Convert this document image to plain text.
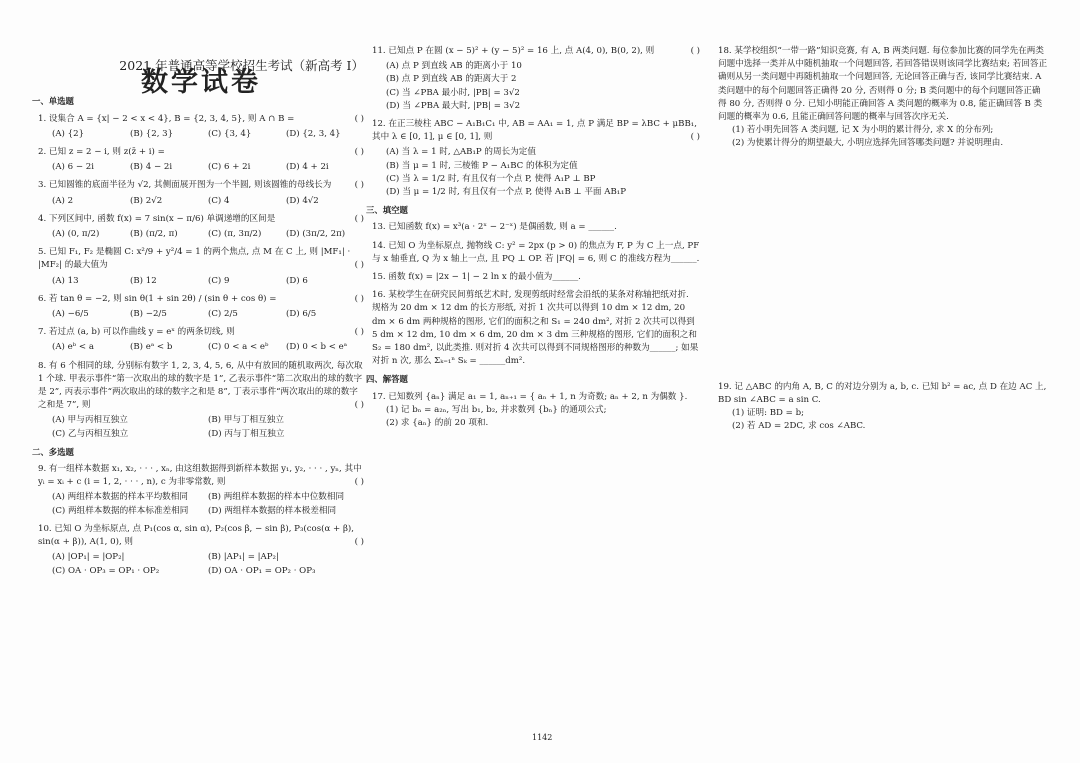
2021 年普通高等学校招生考试（新高考 I）
数学试卷
一、单选题
( )
1. 设集合 A = {x| − 2 < x < 4}, B = {2, 3, 4, 5}, 则 A ∩ B =
(A) {2}	(B) {2, 3}	(C) {3, 4}	(D) {2, 3, 4}
( )
2. 已知 z = 2 − i, 则 z(z̄ + i) =
(A) 6 − 2i	(B) 4 − 2i	(C) 6 + 2i	(D) 4 + 2i
3. 已知圆锥的底面半径为 √2, 其侧面展开图为一个半圆, 则该圆锥的母线长为	( )
(A) 2	(B) 2√2	(C) 4	(D) 4√2
( )
4. 下列区间中, 函数 f(x) = 7 sin(x − π/6) 单调递增的区间是
(A) (0, π/2)	(B) (π/2, π)	(C) (π, 3π/2)	(D) (3π/2, 2π)
5. 已知 F₁, F₂ 是椭圆 C: x²/9 + y²/4 = 1 的两个焦点, 点 M 在 C 上, 则 |MF₁| · |MF₂| 的最大值为	( )
(A) 13	(B) 12	(C) 9	(D) 6
( )
6. 若 tan θ = −2, 则 sin θ(1 + sin 2θ) / (sin θ + cos θ) =
(A) −6/5	(B) −2/5	(C) 2/5	(D) 6/5
( )
7. 若过点 (a, b) 可以作曲线 y = eˣ 的两条切线, 则
(A) eᵇ < a	(B) eᵃ < b	(C) 0 < a < eᵇ	(D) 0 < b < eᵃ
8. 有 6 个相同的球, 分别标有数字 1, 2, 3, 4, 5, 6, 从中有放回的随机取两次, 每次取 1 个球. 甲表示事件“第一次取出的球的数字是 1”, 乙表示事件“第二次取出的球的数字是 2”, 丙表示事件“两次取出的球的数字之和是 8”, 丁表示事件“两次取出的球的数字之和是 7”, 则	( )
(A) 甲与丙相互独立	(B) 甲与丁相互独立
(C) 乙与丙相互独立	(D) 丙与丁相互独立
二、多选题
9. 有一组样本数据 x₁, x₂, · · · , xₙ, 由这组数据得到新样本数据 y₁, y₂, · · · , yₙ, 其中 yᵢ = xᵢ + c (i = 1, 2, · · · , n), c 为非零常数, 则	( )
(A) 两组样本数据的样本平均数相同	(B) 两组样本数据的样本中位数相同
(C) 两组样本数据的样本标准差相同	(D) 两组样本数据的样本极差相同
10. 已知 O 为坐标原点, 点 P₁(cos α, sin α), P₂(cos β, − sin β), P₃(cos(α + β), sin(α + β)), A(1, 0), 则	( )
(A) |OP₁| = |OP₂|	(B) |AP₁| = |AP₂|
(C) OA · OP₃ = OP₁ · OP₂	(D) OA · OP₁ = OP₂ · OP₃
11. 已知点 P 在圆 (x − 5)² + (y − 5)² = 16 上, 点 A(4, 0), B(0, 2), 则	( )
(A) 点 P 到直线 AB 的距离小于 10
(B) 点 P 到直线 AB 的距离大于 2
(C) 当 ∠PBA 最小时, |PB| = 3√2
(D) 当 ∠PBA 最大时, |PB| = 3√2
12. 在正三棱柱 ABC − A₁B₁C₁ 中, AB = AA₁ = 1, 点 P 满足 BP = λBC + μBB₁, 其中 λ ∈ [0, 1], μ ∈ [0, 1], 则	( )
(A) 当 λ = 1 时, △AB₁P 的周长为定值
(B) 当 μ = 1 时, 三棱锥 P − A₁BC 的体积为定值
(C) 当 λ = 1/2 时, 有且仅有一个点 P, 使得 A₁P ⊥ BP
(D) 当 μ = 1/2 时, 有且仅有一个点 P, 使得 A₁B ⊥ 平面 AB₁P
三、填空题
13. 已知函数 f(x) = x³(a · 2ˣ − 2⁻ˣ) 是偶函数, 则 a = ______.
14. 已知 O 为坐标原点, 抛物线 C: y² = 2px (p > 0) 的焦点为 F, P 为 C 上一点, PF 与 x 轴垂直, Q 为 x 轴上一点, 且 PQ ⊥ OP. 若 |FQ| = 6, 则 C 的准线方程为______.
15. 函数 f(x) = |2x − 1| − 2 ln x 的最小值为______.
16. 某校学生在研究民间剪纸艺术时, 发现剪纸时经常会沿纸的某条对称轴把纸对折. 规格为 20 dm × 12 dm 的长方形纸, 对折 1 次共可以得到 10 dm × 12 dm, 20 dm × 6 dm 两种规格的图形, 它们的面积之和 S₁ = 240 dm², 对折 2 次共可以得到 5 dm × 12 dm, 10 dm × 6 dm, 20 dm × 3 dm 三种规格的图形, 它们的面积之和 S₂ = 180 dm², 以此类推. 则对折 4 次共可以得到不同规格图形的种数为______; 如果对折 n 次, 那么 Σₖ₌₁ⁿ Sₖ = ______dm².
四、解答题
17. 已知数列 {aₙ} 满足 a₁ = 1, aₙ₊₁ = { aₙ + 1, n 为奇数; aₙ + 2, n 为偶数 }.
(1) 记 bₙ = a₂ₙ, 写出 b₁, b₂, 并求数列 {bₙ} 的通项公式;
(2) 求 {aₙ} 的前 20 项和.
18. 某学校组织“一带一路”知识竞赛, 有 A, B 两类问题. 每位参加比赛的同学先在两类问题中选择一类并从中随机抽取一个问题回答, 若回答错误则该同学比赛结束; 若回答正确则从另一类问题中再随机抽取一个问题回答, 无论回答正确与否, 该同学比赛结束. A 类问题中的每个问题回答正确得 20 分, 否则得 0 分; B 类问题中的每个问题回答正确得 80 分, 否则得 0 分. 已知小明能正确回答 A 类问题的概率为 0.8, 能正确回答 B 类问题的概率为 0.6, 且能正确回答问题的概率与回答次序无关.
(1) 若小明先回答 A 类问题, 记 X 为小明的累计得分, 求 X 的分布列;
(2) 为使累计得分的期望最大, 小明应选择先回答哪类问题? 并说明理由.
19. 记 △ABC 的内角 A, B, C 的对边分别为 a, b, c. 已知 b² = ac, 点 D 在边 AC 上, BD sin ∠ABC = a sin C.
(1) 证明: BD = b;
(2) 若 AD = 2DC, 求 cos ∠ABC.
1142
